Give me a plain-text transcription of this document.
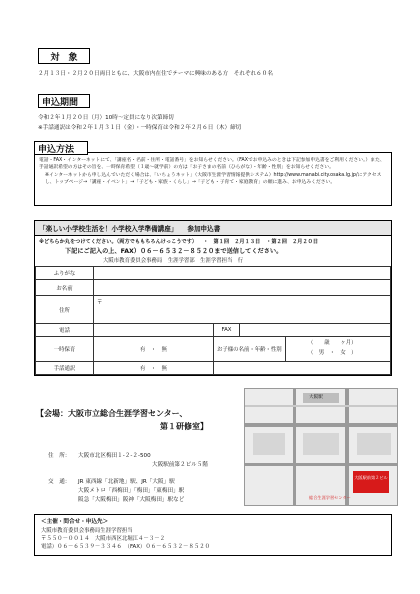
対　象
２月１３日・２月２０日両日ともに、大阪市内在住でテーマに興味のある方　それぞれ６０名
申込期間
令和２年１月２０日（月）10時～定員になり次第締切
※手話通訳は令和２年１月３１日（金）・一時保育は令和２年２月６日（木）締切
申込方法
電話・FAX・インターネットにて、「講座名・名前・住所・電話番号」をお知らせください。（FAXでお申込みのときは下記参加申込書をご利用ください。）また、手話通訳希望の方はその旨を、一時保育希望（１歳～就学前）の方は「お子さまの名前（ひらがな）・年齢・性別」をお知らせください。
※インターネットから申し込んでいただく場合は、「いちょうネット」（大阪市生涯学習情報提供システム）http://www.manabi.city.osaka.lg.jp/にアクセスし、トップページ→「講座・イベント」→「子ども・家族・くらし」→「子ども・子育て・家庭教育」の順に進み、お申込みください。
「楽しい小学校生活を！小学校入学準備講座」　　参加申込書
※どちらか丸をつけてください。（両方でももちろんけっこうです） ・　第１回　２月１３日 ・第２回　２月２０日
下記にご記入の上、FAX）０６－６５３２－８５２０まで送信してください。
大阪市教育委員会事務局　生涯学習部　生涯学習担当　行
ふりがな			
お名前			
住所	〒		
電話		FAX	
一時保育	有　・　無	お子様の名前・年齢・性別
（　　歳　　ヶ月）
（　男　・　女　）	

手話通訳	有　・　無		
【会場：大阪市立総合生涯学習センター、
第１研修室】
住　所：	大阪市北区梅田１-２-２-500
大阪駅前第２ビル５階
交　通：	JR 東西線「北新地」駅、JR「大阪」駅
大阪メトロ「西梅田」「梅田」「東梅田」駅
阪急「大阪梅田」阪神「大阪梅田」駅など
大阪駅
大阪駅前第２ビル
総合生涯学習センター
＜主催・問合せ・申込先＞
大阪市教育委員会事務局生涯学習担当
〒５５０－００１４　大阪市西区北堀江４－３－２
電話）０６－６５３９－３３４６　（FAX）０６－６５３２－８５２０
